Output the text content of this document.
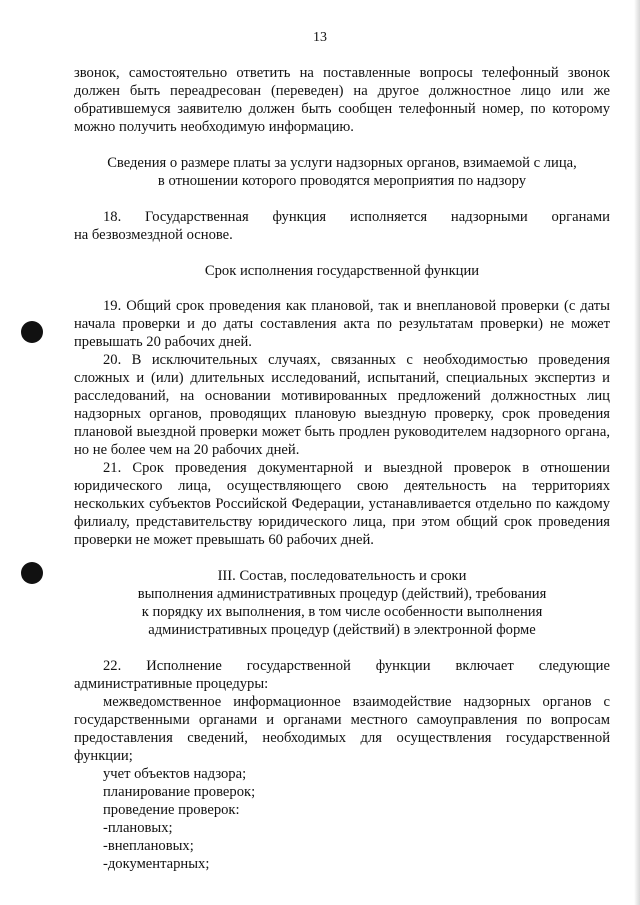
13

звонок, самостоятельно ответить на поставленные вопросы телефонный звонок должен быть переадресован (переведен) на другое должностное лицо или же обратившемуся заявителю должен быть сообщен телефонный номер, по которому можно получить необходимую информацию.

Сведения о размере платы за услуги надзорных органов, взимаемой с лица,

в отношении которого проводятся мероприятия по надзору

18. Государственная функция исполняется надзорными органами

на безвозмездной основе.

Срок исполнения государственной функции

19. Общий срок проведения как плановой, так и внеплановой проверки (с даты начала проверки и до даты составления акта по результатам проверки) не может превышать 20 рабочих дней.

20. В исключительных случаях, связанных с необходимостью проведения сложных и (или) длительных исследований, испытаний, специальных экспертиз и расследований, на основании мотивированных предложений должностных лиц надзорных органов, проводящих плановую выездную проверку, срок проведения плановой выездной проверки может быть продлен руководителем надзорного органа, но не более чем на 20 рабочих дней.

21. Срок проведения документарной и выездной проверок в отношении юридического лица, осуществляющего свою деятельность на территориях нескольких субъектов Российской Федерации, устанавливается отдельно по каждому филиалу, представительству юридического лица, при этом общий срок проведения проверки не может превышать 60 рабочих дней.

III. Состав, последовательность и сроки

выполнения административных процедур (действий), требования

к порядку их выполнения, в том числе особенности выполнения

административных процедур (действий) в электронной форме

22. Исполнение государственной функции включает следующие

административные процедуры:

межведомственное информационное взаимодействие надзорных органов с государственными органами и органами местного самоуправления по вопросам предоставления сведений, необходимых для осуществления государственной функции;

учет объектов надзора;

планирование проверок;

проведение проверок:

-плановых;

-внеплановых;

-документарных;
